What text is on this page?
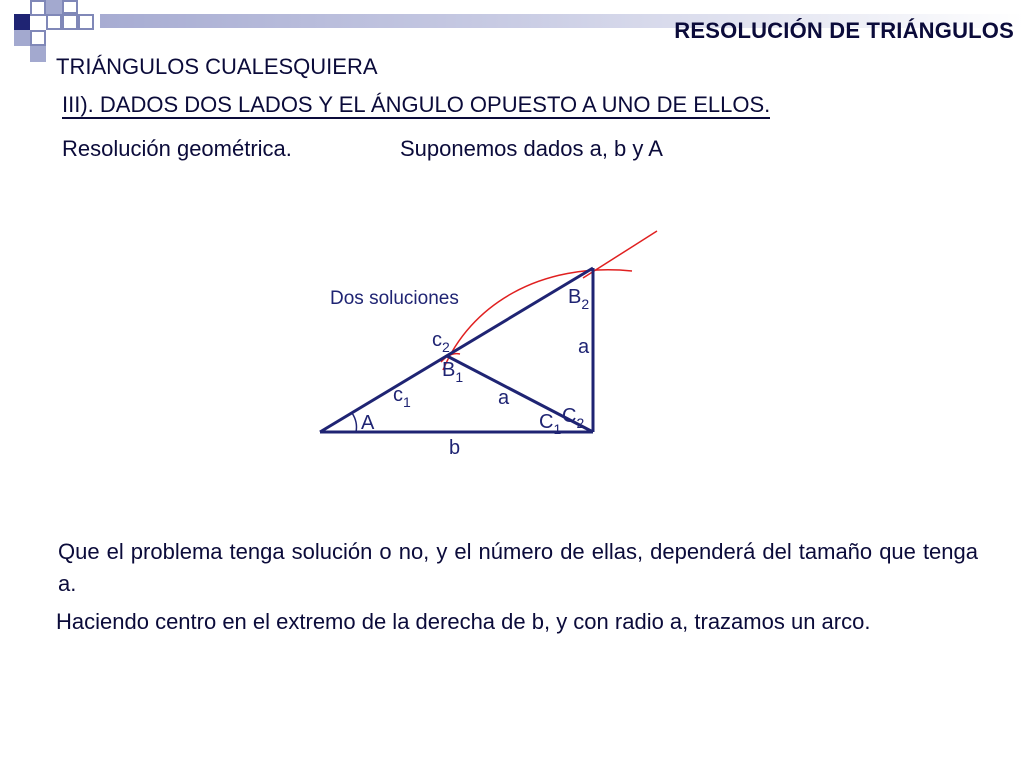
RESOLUCIÓN DE TRIÁNGULOS
TRIÁNGULOS CUALESQUIERA
III). DADOS DOS LADOS Y EL ÁNGULO OPUESTO A UNO DE ELLOS.
Resolución geométrica.	Suponemos dados a, b y A
Dos soluciones	$B_2$
$c_2$	a
$B_1$
$c_1$	a
A	$C_1$
$C_2$
b
Que el problema tenga solución o no, y el número de ellas, dependerá del tamaño que tenga a.
Haciendo centro en el extremo de la derecha de b, y con radio a, trazamos un arco.
